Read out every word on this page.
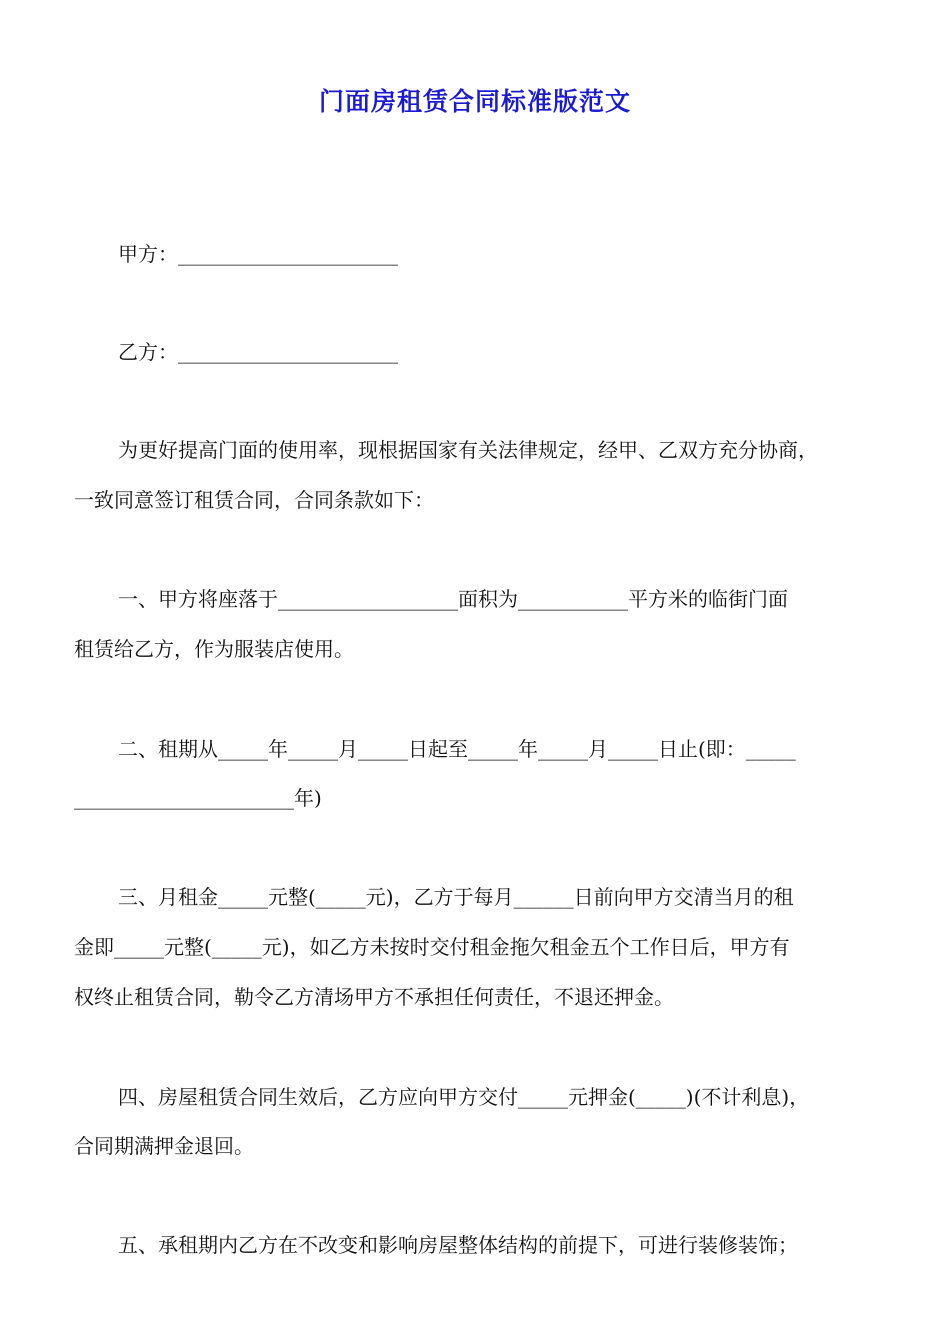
门面房租赁合同标准版范文
甲方：______________________
乙方：______________________
为更好提高门面的使用率，现根据国家有关法律规定，经甲、乙双方充分协商，
一致同意签订租赁合同，合同条款如下：
一、甲方将座落于__________________面积为___________平方米的临街门面
租赁给乙方，作为服装店使用。
二、租期从_____年_____月_____日起至_____年_____月_____日止(即：_____
______________________年)
三、月租金_____元整(_____元)，乙方于每月______日前向甲方交清当月的租
金即_____元整(_____元)，如乙方未按时交付租金拖欠租金五个工作日后，甲方有
权终止租赁合同，勒令乙方清场甲方不承担任何责任，不退还押金。
四、房屋租赁合同生效后，乙方应向甲方交付_____元押金(_____)(不计利息)，
合同期满押金退回。
五、承租期内乙方在不改变和影响房屋整体结构的前提下，可进行装修装饰；
